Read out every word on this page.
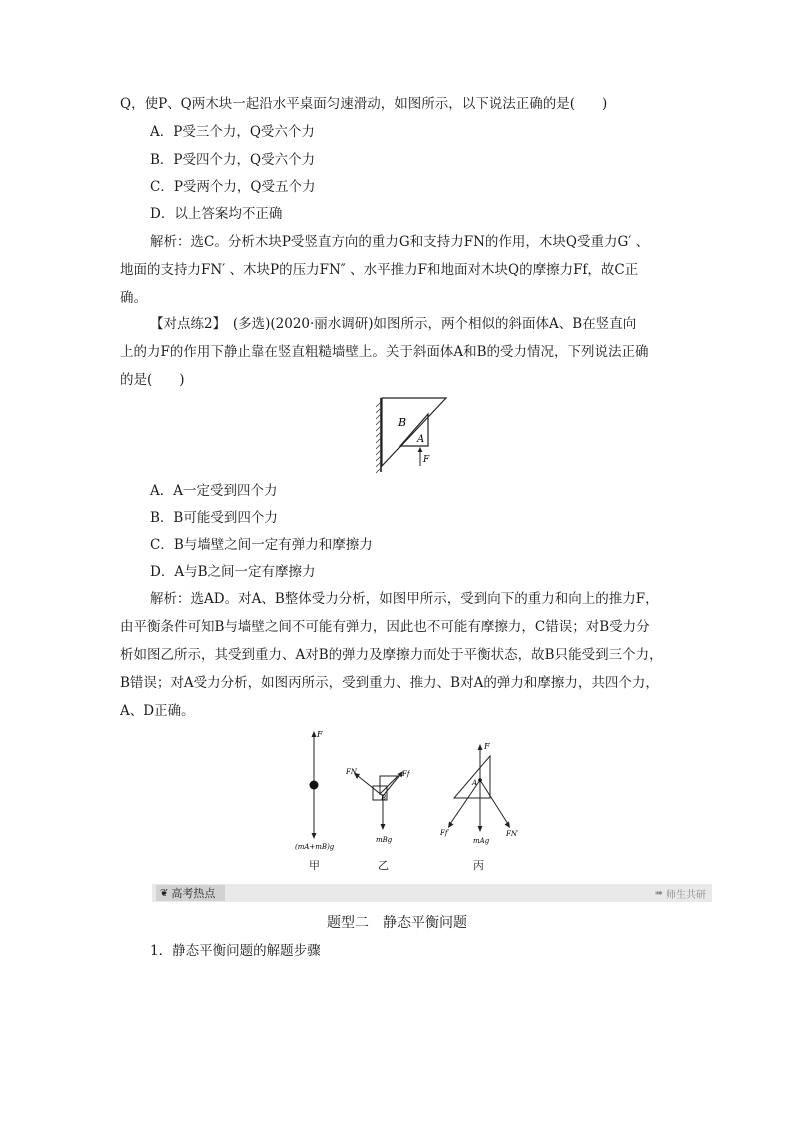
Q，使P、Q两木块一起沿水平桌面匀速滑动，如图所示，以下说法正确的是(　　)
A．P受三个力，Q受六个力
B．P受四个力，Q受六个力
C．P受两个力，Q受五个力
D．以上答案均不正确
解析：选C。分析木块P受竖直方向的重力G和支持力FN的作用，木块Q受重力G′ 、
地面的支持力FN′ 、木块P的压力FN″ 、水平推力F和地面对木块Q的摩擦力Ff，故C正
确。
【对点练2】　(多选)(2020·丽水调研)如图所示，两个相似的斜面体A、B在竖直向
上的力F的作用下静止靠在竖直粗糙墙壁上。关于斜面体A和B的受力情况，下列说法正确
的是(　　)
B
A
F
A．A一定受到四个力
B．B可能受到四个力
C．B与墙壁之间一定有弹力和摩擦力
D．A与B之间一定有摩擦力
解析：选AD。对A、B整体受力分析，如图甲所示，受到向下的重力和向上的推力F，
由平衡条件可知B与墙壁之间不可能有弹力，因此也不可能有摩擦力，C错误；对B受力分
析如图乙所示，其受到重力、A对B的弹力及摩擦力而处于平衡状态，故B只能受到三个力，
B错误；对A受力分析，如图丙所示，受到重力、推力、B对A的弹力和摩擦力，共四个力，
A、D正确。
F
(mA+mB)g
甲
FN	Ff
B
mBg
乙
F
A
Ff′	FN′
mAg
丙
❦ 高考热点	➠ 师生共研
题型二　静态平衡问题
1．静态平衡问题的解题步骤
